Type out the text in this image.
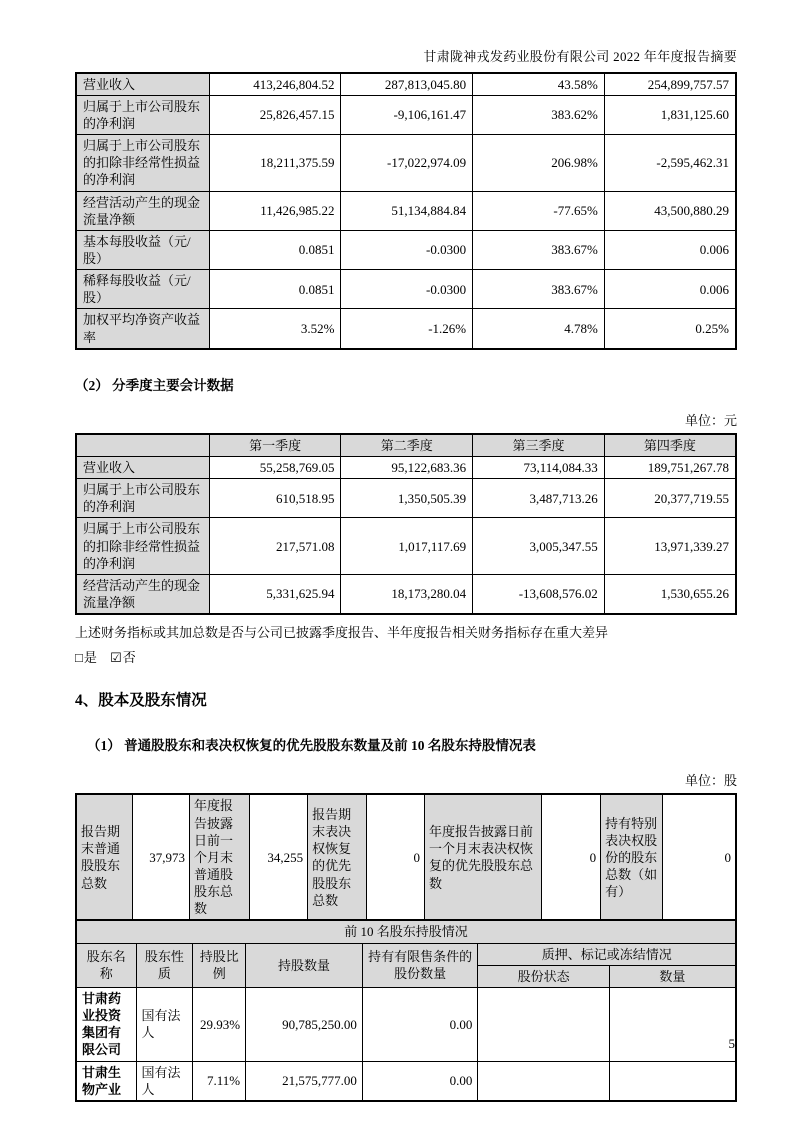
甘肃陇神戎发药业股份有限公司 2022 年年度报告摘要
营业收入	413,246,804.52	287,813,045.80	43.58%	254,899,757.57
归属于上市公司股东的净利润	25,826,457.15	-9,106,161.47	383.62%	1,831,125.60
归属于上市公司股东的扣除非经常性损益的净利润	18,211,375.59	-17,022,974.09	206.98%	-2,595,462.31
经营活动产生的现金流量净额	11,426,985.22	51,134,884.84	-77.65%	43,500,880.29
基本每股收益（元/股）	0.0851	-0.0300	383.67%	0.006
稀释每股收益（元/股）	0.0851	-0.0300	383.67%	0.006
加权平均净资产收益率	3.52%	-1.26%	4.78%	0.25%
（2） 分季度主要会计数据
单位：元
	第一季度	第二季度	第三季度	第四季度
营业收入	55,258,769.05	95,122,683.36	73,114,084.33	189,751,267.78
归属于上市公司股东的净利润	610,518.95	1,350,505.39	3,487,713.26	20,377,719.55
归属于上市公司股东的扣除非经常性损益的净利润	217,571.08	1,017,117.69	3,005,347.55	13,971,339.27
经营活动产生的现金流量净额	5,331,625.94	18,173,280.04	-13,608,576.02	1,530,655.26
上述财务指标或其加总数是否与公司已披露季度报告、半年度报告相关财务指标存在重大差异
□是 ☑否
4、股本及股东情况
（1） 普通股股东和表决权恢复的优先股股东数量及前 10 名股东持股情况表
单位：股
报告期末普通股股东总数	37,973	年度报告披露日前一个月末普通股股东总数	34,255	报告期末表决权恢复的优先股股东总数	0	年度报告披露日前一个月末表决权恢复的优先股股东总数	0	持有特别表决权股份的股东总数（如有）	0
前 10 名股东持股情况						
股东名称	股东性质	持股比例	持股数量	持有有限售条件的股份数量	质押、标记或冻结情况	
					股份状态	数量
甘肃药业投资集团有限公司	国有法人	29.93%	90,785,250.00	0.00		
甘肃生物产业	国有法人	7.11%	21,575,777.00	0.00		
5
